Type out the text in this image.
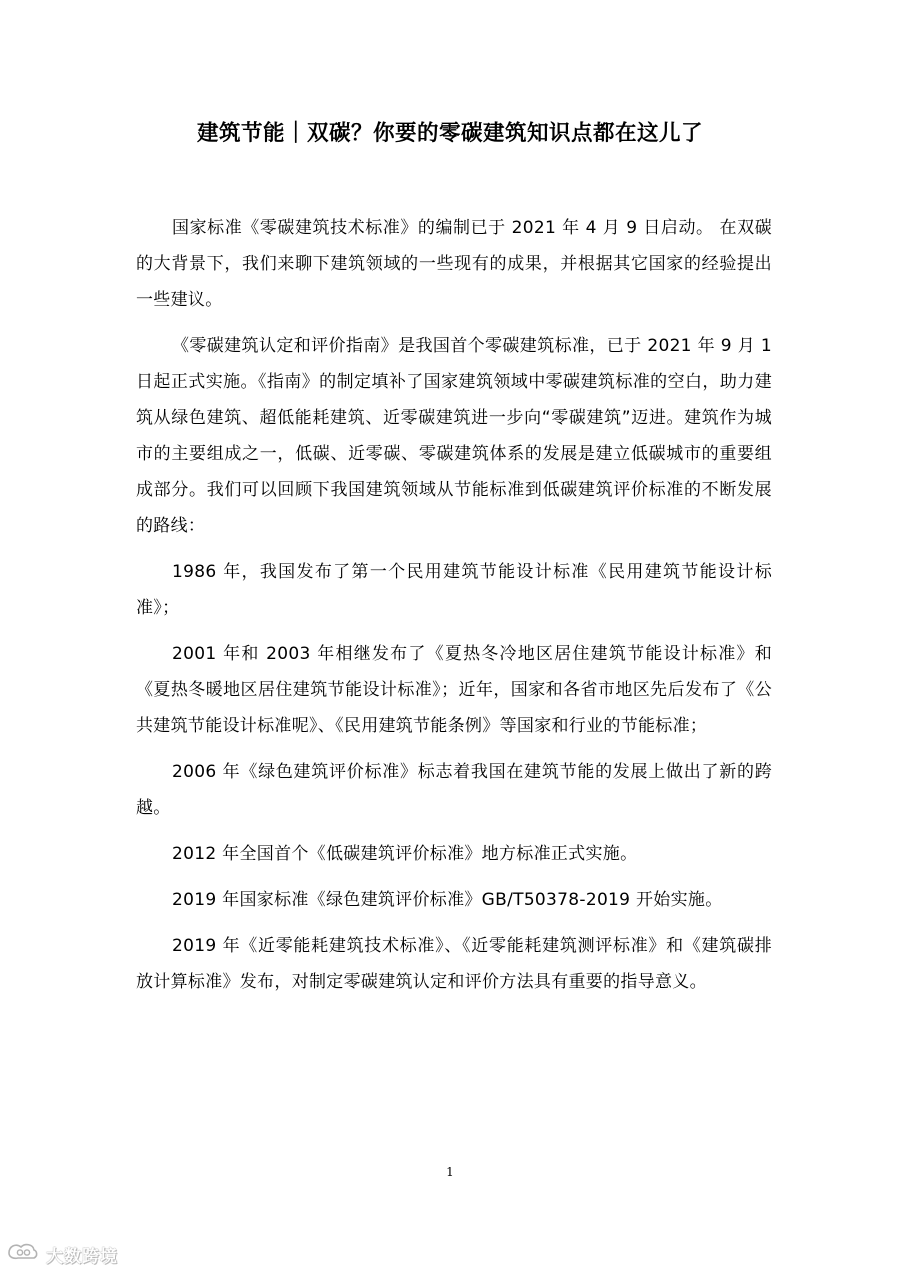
建筑节能｜双碳？你要的零碳建筑知识点都在这儿了

国家标准《零碳建筑技术标准》的编制已于 2021 年 4 月 9 日启动。 在双碳的大背景下，我们来聊下建筑领域的一些现有的成果，并根据其它国家的经验提出一些建议。

《零碳建筑认定和评价指南》是我国首个零碳建筑标准，已于 2021 年 9 月 1 日起正式实施。《指南》的制定填补了国家建筑领域中零碳建筑标准的空白，助力建筑从绿色建筑、超低能耗建筑、近零碳建筑进一步向“零碳建筑”迈进。建筑作为城市的主要组成之一，低碳、近零碳、零碳建筑体系的发展是建立低碳城市的重要组成部分。我们可以回顾下我国建筑领域从节能标准到低碳建筑评价标准的不断发展的路线：

1986 年，我国发布了第一个民用建筑节能设计标准《民用建筑节能设计标准》；

2001 年和 2003 年相继发布了《夏热冬冷地区居住建筑节能设计标准》和《夏热冬暖地区居住建筑节能设计标准》；近年，国家和各省市地区先后发布了《公共建筑节能设计标准呢》、《民用建筑节能条例》等国家和行业的节能标准；

2006 年《绿色建筑评价标准》标志着我国在建筑节能的发展上做出了新的跨越。

2012 年全国首个《低碳建筑评价标准》地方标准正式实施。

2019 年国家标准《绿色建筑评价标准》GB/T50378-2019 开始实施。

2019 年《近零能耗建筑技术标准》、《近零能耗建筑测评标准》和《建筑碳排放计算标准》发布，对制定零碳建筑认定和评价方法具有重要的指导意义。

1
大数跨境
